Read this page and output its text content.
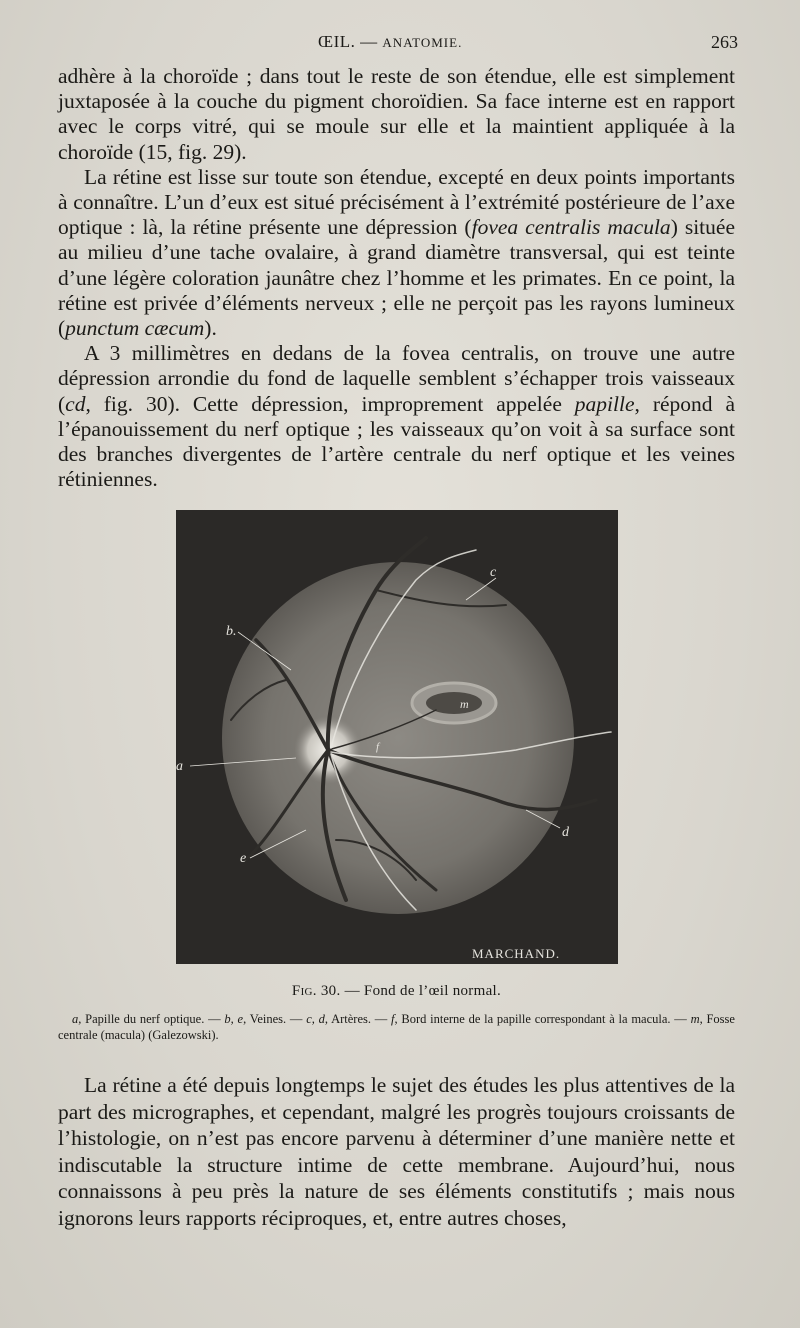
ŒIL. — ANATOMIE.	263

adhère à la choroïde ; dans tout le reste de son étendue, elle est simplement juxtaposée à la couche du pigment choroïdien. Sa face interne est en rapport avec le corps vitré, qui se moule sur elle et la maintient appliquée à la choroïde (15, fig. 29).

La rétine est lisse sur toute son étendue, excepté en deux points importants à connaître. L’un d’eux est situé précisément à l’extrémité postérieure de l’axe optique : là, la rétine présente une dépression (fovea centralis macula) située au milieu d’une tache ovalaire, à grand diamètre transversal, qui est teinte d’une légère coloration jaunâtre chez l’homme et les primates. En ce point, la rétine est privée d’éléments nerveux ; elle ne perçoit pas les rayons lumineux (punctum cæcum).

A 3 millimètres en dedans de la fovea centralis, on trouve une autre dépression arrondie du fond de laquelle semblent s’échapper trois vaisseaux (cd, fig. 30). Cette dépression, improprement appelée papille, répond à l’épanouissement du nerf optique ; les vaisseaux qu’on voit à sa surface sont des branches divergentes de l’artère centrale du nerf optique et les veines rétiniennes.

b.
c
a
d
e
f
m
MARCHAND.
Fig. 30. — Fond de l’œil normal.

a, Papille du nerf optique. — b, e, Veines. — c, d, Artères. — f, Bord interne de la papille correspondant à la macula. — m, Fosse centrale (macula) (Galezowski).

La rétine a été depuis longtemps le sujet des études les plus attentives de la part des micrographes, et cependant, malgré les progrès toujours croissants de l’histologie, on n’est pas encore parvenu à déterminer d’une manière nette et indiscutable la structure intime de cette membrane. Aujourd’hui, nous connaissons à peu près la nature de ses éléments constitutifs ; mais nous ignorons leurs rapports réciproques, et, entre autres choses,
